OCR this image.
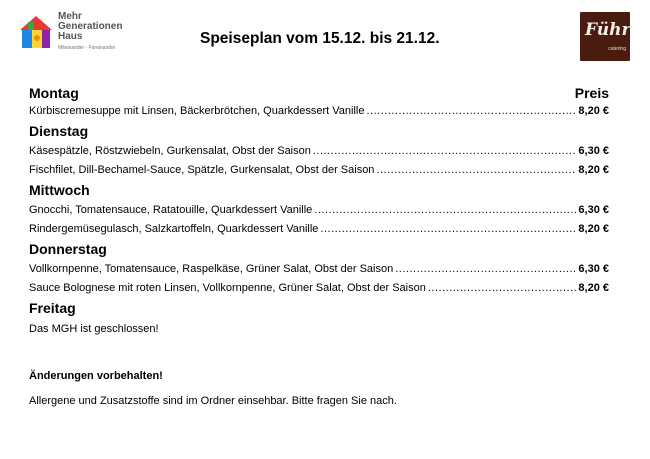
Mehr
Generationen
Haus
Miteinander - Füreinander
Speiseplan vom 15.12. bis 21.12.	Führ
catering
Montag	Preis
Kürbiscremesuppe mit Linsen, Bäckerbrötchen, Quarkdessert Vanille .....	8,20 €
Dienstag
Käsespätzle, Röstzwiebeln, Gurkensalat, Obst der Saison .....	6,30 €
Fischfilet, Dill-Bechamel-Sauce, Spätzle, Gurkensalat, Obst der Saison .....	8,20 €
Mittwoch
Gnocchi, Tomatensauce, Ratatouille, Quarkdessert Vanille .....	6,30 €
Rindergemüsegulasch, Salzkartoffeln, Quarkdessert Vanille .....	8,20 €
Donnerstag
Vollkornpenne, Tomatensauce, Raspelkäse, Grüner Salat, Obst der Saison .....	6,30 €
Sauce Bolognese mit roten Linsen, Vollkornpenne, Grüner Salat, Obst der Saison .....	8,20 €
Freitag
Das MGH ist geschlossen!
Änderungen vorbehalten!
Allergene und Zusatzstoffe sind im Ordner einsehbar. Bitte fragen Sie nach.
